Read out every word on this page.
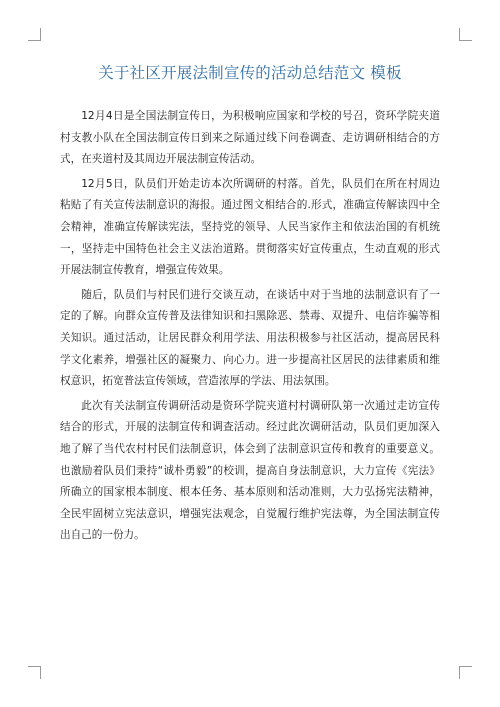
关于社区开展法制宣传的活动总结范文 模板

12月4日是全国法制宣传日，为积极响应国家和学校的号召，资环学院夹道村支教小队在全国法制宣传日到来之际通过线下问卷调查、走访调研相结合的方式，在夹道村及其周边开展法制宣传活动。

12月5日，队员们开始走访本次所调研的村落。首先，队员们在所在村周边粘贴了有关宣传法制意识的海报。通过图文相结合的.形式，准确宣传解读四中全会精神，准确宣传解读宪法，坚持党的领导、人民当家作主和依法治国的有机统一，坚持走中国特色社会主义法治道路。贯彻落实好宣传重点，生动直观的形式开展法制宣传教育，增强宣传效果。

随后，队员们与村民们进行交谈互动，在谈话中对于当地的法制意识有了一定的了解。向群众宣传普及法律知识和扫黑除恶、禁毒、双提升、电信诈骗等相关知识。通过活动，让居民群众利用学法、用法积极参与社区活动，提高居民科学文化素养，增强社区的凝聚力、向心力。进一步提高社区居民的法律素质和维权意识，拓宽普法宣传领域，营造浓厚的学法、用法氛围。

此次有关法制宣传调研活动是资环学院夹道村村调研队第一次通过走访宣传结合的形式，开展的法制宣传和调查活动。经过此次调研活动，队员们更加深入地了解了当代农村村民们法制意识，体会到了法制意识宣传和教育的重要意义。也激励着队员们秉持“诚朴勇毅”的校训，提高自身法制意识，大力宣传《宪法》所确立的国家根本制度、根本任务、基本原则和活动准则，大力弘扬宪法精神，全民牢固树立宪法意识，增强宪法观念，自觉履行维护宪法尊，为全国法制宣传出自己的一份力。
